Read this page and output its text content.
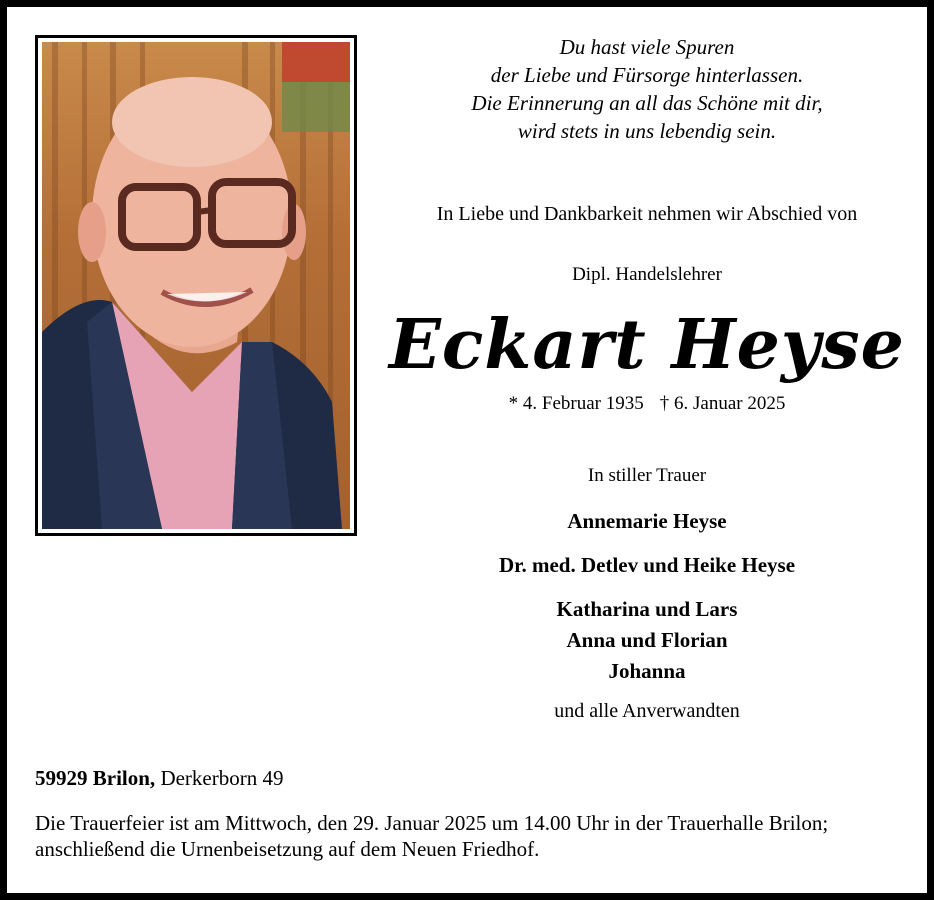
Du hast viele Spuren
der Liebe und Fürsorge hinterlassen.
Die Erinnerung an all das Schöne mit dir,
wird stets in uns lebendig sein.
In Liebe und Dankbarkeit nehmen wir Abschied von
Dipl. Handelslehrer
Eckart Heyse
* 4. Februar 1935 † 6. Januar 2025
In stiller Trauer
Annemarie Heyse
Dr. med. Detlev und Heike Heyse
Katharina und Lars
Anna und Florian
Johanna
und alle Anverwandten
59929 Brilon, Derkerborn 49
Die Trauerfeier ist am Mittwoch, den 29. Januar 2025 um 14.00 Uhr in der Trauerhalle Brilon; anschließend die Urnenbeisetzung auf dem Neuen Friedhof.
